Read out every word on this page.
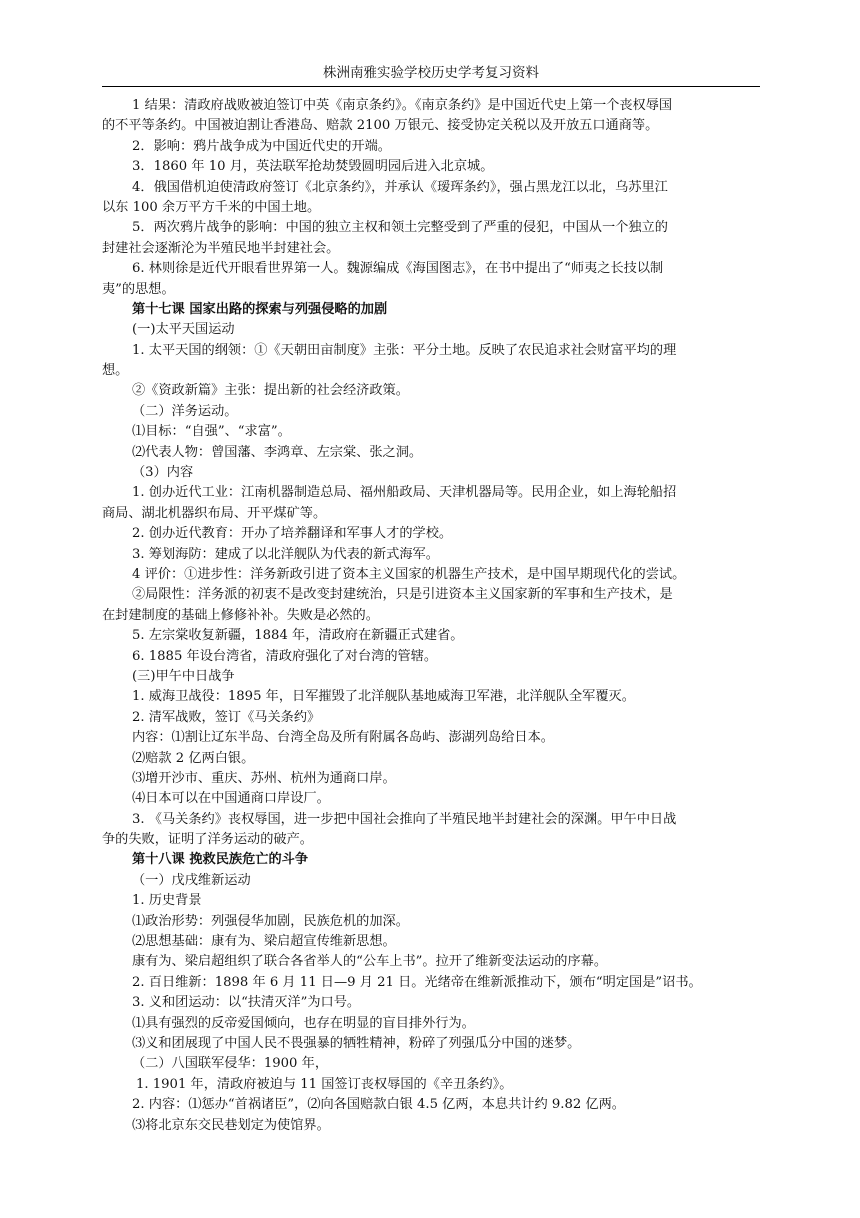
株洲南雅实验学校历史学考复习资料
1 结果：清政府战败被迫签订中英《南京条约》。《南京条约》是中国近代史上第一个丧权辱国
的不平等条约。中国被迫割让香港岛、赔款 2100 万银元、接受协定关税以及开放五口通商等。
2．影响：鸦片战争成为中国近代史的开端。
3．1860 年 10 月，英法联军抢劫焚毁圆明园后进入北京城。
4．俄国借机迫使清政府签订《北京条约》，并承认《瑷珲条约》，强占黑龙江以北，乌苏里江
以东 100 余万平方千米的中国土地。
5．两次鸦片战争的影响：中国的独立主权和领土完整受到了严重的侵犯，中国从一个独立的
封建社会逐渐沦为半殖民地半封建社会。
6. 林则徐是近代开眼看世界第一人。魏源编成《海国图志》，在书中提出了“师夷之长技以制
夷”的思想。
第十七课 国家出路的探索与列强侵略的加剧
(一)太平天国运动
1. 太平天国的纲领：①《天朝田亩制度》主张：平分土地。反映了农民追求社会财富平均的理
想。
②《资政新篇》主张：提出新的社会经济政策。
（二）洋务运动。
⑴目标：“自强”、“求富”。
⑵代表人物：曾国藩、李鸿章、左宗棠、张之洞。
（3）内容
1. 创办近代工业：江南机器制造总局、福州船政局、天津机器局等。民用企业，如上海轮船招
商局、湖北机器织布局、开平煤矿等。
2. 创办近代教育：开办了培养翻译和军事人才的学校。
3. 筹划海防：建成了以北洋舰队为代表的新式海军。
4 评价：①进步性：洋务新政引进了资本主义国家的机器生产技术，是中国早期现代化的尝试。
②局限性：洋务派的初衷不是改变封建统治，只是引进资本主义国家新的军事和生产技术，是
在封建制度的基础上修修补补。失败是必然的。
5. 左宗棠收复新疆，1884 年，清政府在新疆正式建省。
6. 1885 年设台湾省，清政府强化了对台湾的管辖。
(三)甲午中日战争
1. 威海卫战役：1895 年，日军摧毁了北洋舰队基地威海卫军港，北洋舰队全军覆灭。
2. 清军战败，签订《马关条约》
内容：⑴割让辽东半岛、台湾全岛及所有附属各岛屿、澎湖列岛给日本。
⑵赔款 2 亿两白银。
⑶增开沙市、重庆、苏州、杭州为通商口岸。
⑷日本可以在中国通商口岸设厂。
3. 《马关条约》丧权辱国，进一步把中国社会推向了半殖民地半封建社会的深渊。甲午中日战
争的失败，证明了洋务运动的破产。
第十八课 挽救民族危亡的斗争
（一）戊戌维新运动
1. 历史背景
⑴政治形势：列强侵华加剧，民族危机的加深。
⑵思想基础：康有为、梁启超宣传维新思想。
康有为、梁启超组织了联合各省举人的“公车上书”。拉开了维新变法运动的序幕。
2. 百日维新：1898 年 6 月 11 日—9 月 21 日。光绪帝在维新派推动下，颁布“明定国是”诏书。
3. 义和团运动：以“扶清灭洋”为口号。
⑴具有强烈的反帝爱国倾向，也存在明显的盲目排外行为。
⑶义和团展现了中国人民不畏强暴的牺牲精神，粉碎了列强瓜分中国的迷梦。
（二）八国联军侵华：1900 年，
1. 1901 年，清政府被迫与 11 国签订丧权辱国的《辛丑条约》。
2. 内容：⑴惩办“首祸诸臣”，⑵向各国赔款白银 4.5 亿两，本息共计约 9.82 亿两。
⑶将北京东交民巷划定为使馆界。
